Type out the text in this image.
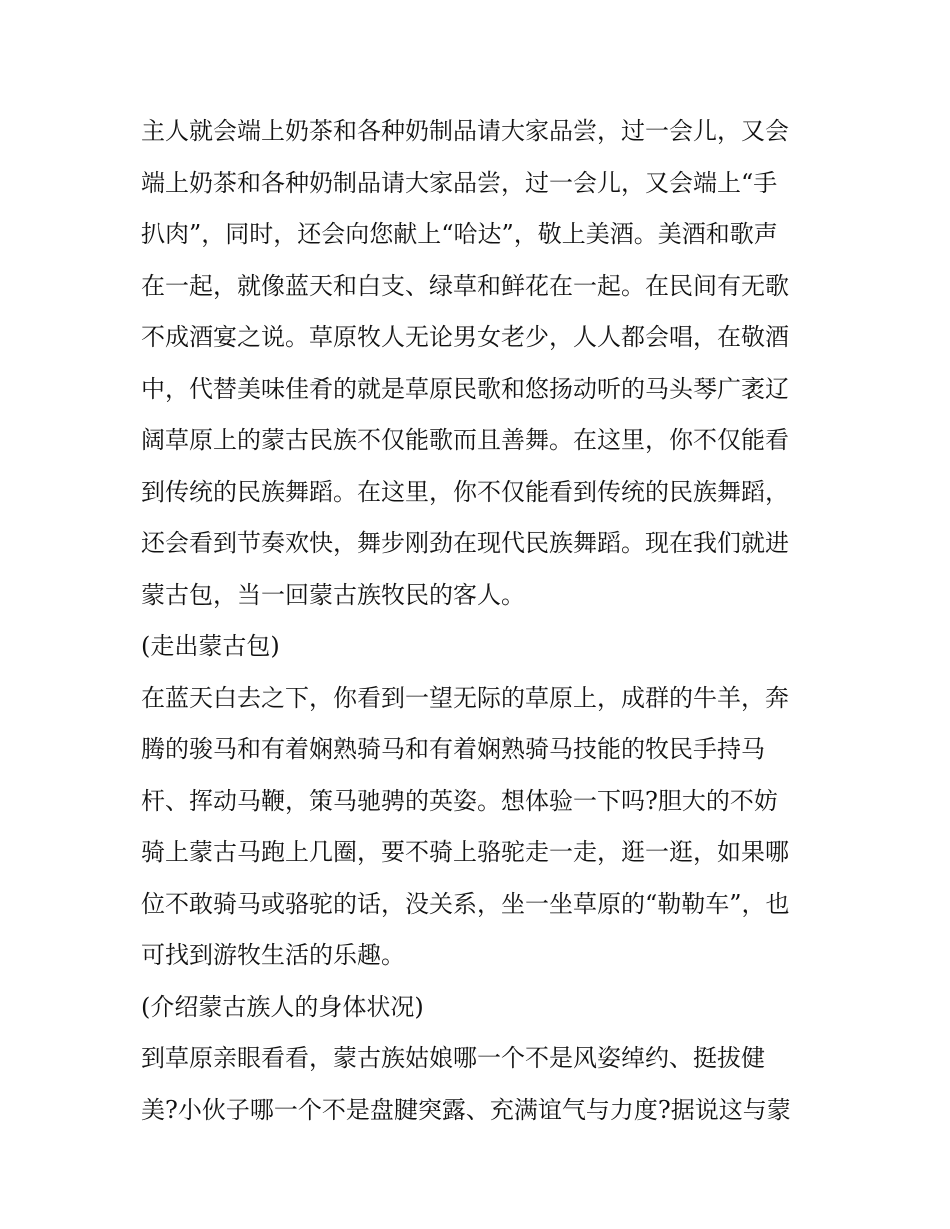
主人就会端上奶茶和各种奶制品请大家品尝，过一会儿，又会
端上奶茶和各种奶制品请大家品尝，过一会儿，又会端上“手
扒肉”，同时，还会向您献上“哈达”，敬上美酒。美酒和歌声
在一起，就像蓝天和白支、绿草和鲜花在一起。在民间有无歌
不成酒宴之说。草原牧人无论男女老少，人人都会唱，在敬酒
中，代替美味佳肴的就是草原民歌和悠扬动听的马头琴广袤辽
阔草原上的蒙古民族不仅能歌而且善舞。在这里，你不仅能看
到传统的民族舞蹈。在这里，你不仅能看到传统的民族舞蹈，
还会看到节奏欢快，舞步刚劲在现代民族舞蹈。现在我们就进
蒙古包，当一回蒙古族牧民的客人。
(走出蒙古包)
在蓝天白去之下，你看到一望无际的草原上，成群的牛羊，奔
腾的骏马和有着娴熟骑马和有着娴熟骑马技能的牧民手持马
杆、挥动马鞭，策马驰骋的英姿。想体验一下吗?胆大的不妨
骑上蒙古马跑上几圈，要不骑上骆驼走一走，逛一逛，如果哪
位不敢骑马或骆驼的话，没关系，坐一坐草原的“勒勒车”，也
可找到游牧生活的乐趣。
(介绍蒙古族人的身体状况)
到草原亲眼看看，蒙古族姑娘哪一个不是风姿绰约、挺拔健
美?小伙子哪一个不是盘腱突露、充满谊气与力度?据说这与蒙
